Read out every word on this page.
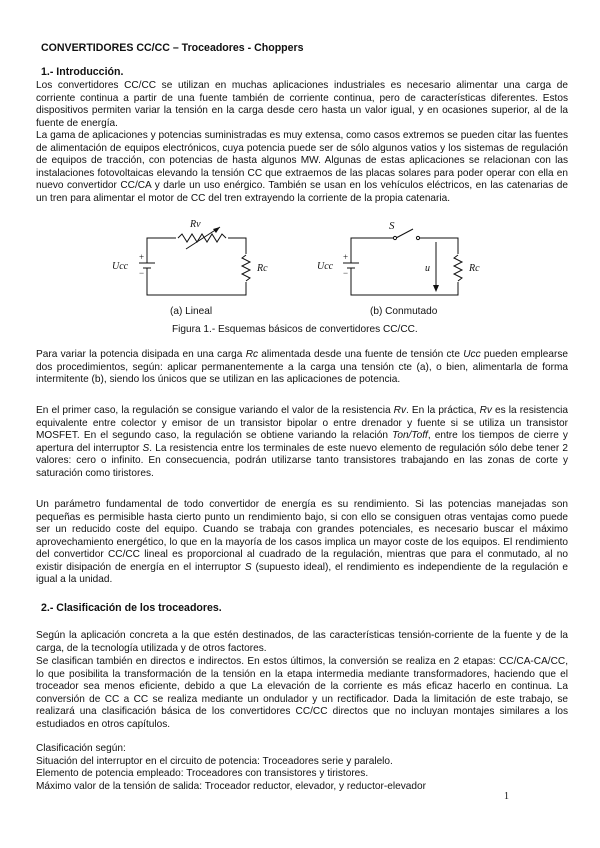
CONVERTIDORES CC/CC – Troceadores - Choppers

1.- Introducción.

Los convertidores CC/CC se utilizan en muchas aplicaciones industriales es necesario alimentar una carga de corriente continua a partir de una fuente también de corriente continua, pero de características diferentes. Estos dispositivos permiten variar la tensión en la carga desde cero hasta un valor igual, y en ocasiones superior, al de la fuente de energía.

La gama de aplicaciones y potencias suministradas es muy extensa, como casos extremos se pueden citar las fuentes de alimentación de equipos electrónicos, cuya potencia puede ser de sólo algunos vatios y los sistemas de regulación de equipos de tracción, con potencias de hasta algunos MW. Algunas de estas aplicaciones se relacionan con las instalaciones fotovoltaicas elevando la tensión CC que extraemos de las placas solares para poder operar con ella en nuevo convertidor CC/CA y darle un uso enérgico. También se usan en los vehículos eléctricos, en las catenarias de un tren para alimentar el motor de CC del tren extrayendo la corriente de la propia catenaria.

Rv
Ucc
+
−	Rc
S
Ucc
+
−	u	Rc

(a) Lineal	(b) Conmutado

Figura 1.- Esquemas básicos de convertidores CC/CC.

Para variar la potencia disipada en una carga Rc alimentada desde una fuente de tensión cte Ucc pueden emplearse dos procedimientos, según: aplicar permanentemente a la carga una tensión cte (a), o bien, alimentarla de forma intermitente (b), siendo los únicos que se utilizan en las aplicaciones de potencia.

En el primer caso, la regulación se consigue variando el valor de la resistencia Rv. En la práctica, Rv es la resistencia equivalente entre colector y emisor de un transistor bipolar o entre drenador y fuente si se utiliza un transistor MOSFET. En el segundo caso, la regulación se obtiene variando la relación Ton/Toff, entre los tiempos de cierre y apertura del interruptor S. La resistencia entre los terminales de este nuevo elemento de regulación sólo debe tener 2 valores: cero o infinito. En consecuencia, podrán utilizarse tanto transistores trabajando en las zonas de corte y saturación como tiristores.

Un parámetro fundamental de todo convertidor de energía es su rendimiento. Si las potencias manejadas son pequeñas es permisible hasta cierto punto un rendimiento bajo, si con ello se consiguen otras ventajas como puede ser un reducido coste del equipo. Cuando se trabaja con grandes potenciales, es necesario buscar el máximo aprovechamiento energético, lo que en la mayoría de los casos implica un mayor coste de los equipos. El rendimiento del convertidor CC/CC lineal es proporcional al cuadrado de la regulación, mientras que para el conmutado, al no existir disipación de energía en el interruptor S (supuesto ideal), el rendimiento es independiente de la regulación e igual a la unidad.

2.- Clasificación de los troceadores.

Según la aplicación concreta a la que estén destinados, de las características tensión-corriente de la fuente y de la carga, de la tecnología utilizada y de otros factores.

Se clasifican también en directos e indirectos. En estos últimos, la conversión se realiza en 2 etapas: CC/CA-CA/CC, lo que posibilita la transformación de la tensión en la etapa intermedia mediante transformadores, haciendo que el troceador sea menos eficiente, debido a que La elevación de la corriente es más eficaz hacerlo en continua. La conversión de CC a CC se realiza mediante un ondulador y un rectificador. Dada la limitación de este trabajo, se realizará una clasificación básica de los convertidores CC/CC directos que no incluyan montajes similares a los estudiados en otros capítulos.

Clasificación según:
Situación del interruptor en el circuito de potencia: Troceadores serie y paralelo.
Elemento de potencia empleado: Troceadores con transistores y tiristores.
Máximo valor de la tensión de salida: Troceador reductor, elevador, y reductor-elevador
1
